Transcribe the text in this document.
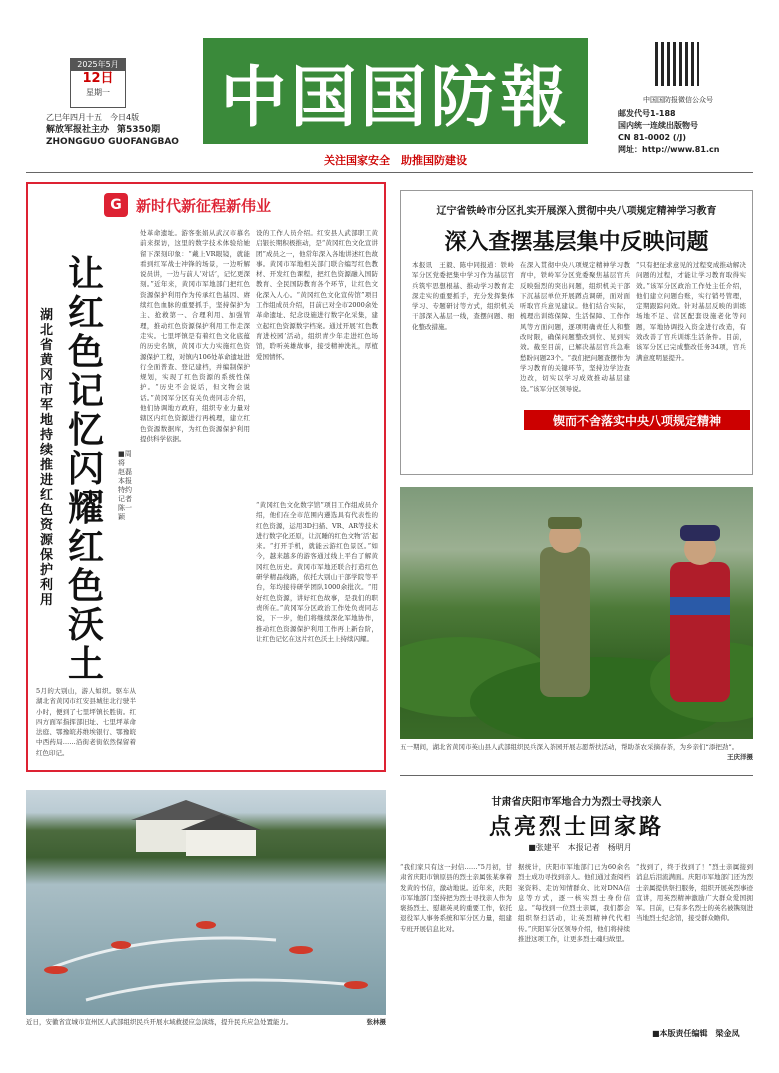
2025年5月
12日
星期一
乙巳年四月十五　 今日4版
解放军报社主办　 第5350期
ZHONGGUO GUOFANGBAO
中国国防報
关注国家安全　助推国防建设
中国国防报微信公众号
邮发代号1-188
国内统一连续出版物号
CN 81-0002 (/J)
网址：http://www.81.cn
G 新时代新征程新伟业
让红色记忆闪耀红色沃土
湖北省黄冈市军地持续推进红色资源保护利用
■周　将　赵磊　本报特约记者　陈一颖
5月的大别山，游人如织。驱车从湖北省黄冈市红安县城往北行驶半小时，便到了七里坪镇长胜街。红四方面军指挥部旧址、七里坪革命法庭、鄂豫皖苏维埃银行、鄂豫皖中西药局……沿街老街依然保留着红色印记。
处革命遗址。游客张娟从武汉市慕名前来探访，这里的数字技术体验给她留下深刻印象：“戴上VR眼镜，就能看到红军战士冲锋的场景，一边听解说员讲，一边与前人‘对话’，记忆更深刻。”近年来，黄冈市军地部门把红色资源保护利用作为传承红色基因、赓续红色血脉的重要抓手，坚持保护为主、抢救第一、合理利用、加强管理，推动红色资源保护利用工作走深走实。七里坪镇是有着红色文化底蕴的历史名镇，黄冈市大力实施红色资源保护工程，对镇内106处革命遗址进行全面普查、登记建档，并编制保护规划，实现了红色资源的系统性保护。“历史不会说话，但文物会说话。”黄冈军分区有关负责同志介绍，他们协调地方政府，组织专业力量对辖区内红色资源进行再梳理，建立红色资源数据库，为红色资源保护利用提供科学依据。
设的工作人员介绍。红安县人武部职工黄启银长期积极推动，是“黄冈红色文化宣讲团”成员之一，他常年深入各地讲述红色故事。黄冈市军地相关部门联合编写红色教材、开发红色课程，把红色资源融入国防教育、全民国防教育各个环节，让红色文化深入人心。“黄冈红色文化宣传馆”项目工作组成员介绍，目前已对全市2000余处革命遗址、纪念设施进行数字化采集，建立起红色资源数字档案。通过开展‘红色教育进校园’活动，组织青少年走进红色场馆，聆听英雄故事，接受精神洗礼，厚植爱国情怀。
“黄冈红色文化数字馆”项目工作组成员介绍，他们在全市范围内遴选具有代表性的红色资源，运用3D扫描、VR、AR等技术进行数字化还原，让沉睡的红色文物‘活’起来。“打开手机，就能云游红色景区。”如今，越来越多的游客通过线上平台了解黄冈红色历史。黄冈市军地还联合打造红色研学精品线路，依托大别山干部学院等平台，年均接待研学团队1000余批次。“用好红色资源，讲好红色故事，是我们的职责所在。”黄冈军分区政治工作处负责同志说，下一步，他们将继续深化军地协作，推动红色资源保护利用工作再上新台阶，让红色记忆在这片红色沃土上持续闪耀。
辽宁省铁岭市分区扎实开展深入贯彻中央八项规定精神学习教育
深入查摆基层集中反映问题
本报讯　王毅、陈中同报道：铁岭军分区党委把集中学习作为基层官兵筑牢思想根基、推动学习教育走深走实的重要抓手，充分发挥集体学习、专题研讨等方式，组织机关干部深入基层一线，查摆问题、细化整改措施。
在深入贯彻中央八项规定精神学习教育中，铁岭军分区党委聚焦基层官兵反映强烈的突出问题，组织机关干部下沉基层单位开展蹲点调研，面对面听取官兵意见建议。他们结合实际，梳理出训练保障、生活保障、工作作风等方面问题，逐项明确责任人和整改时限，确保问题整改到位、见到实效。截至目前，已解决基层官兵急难愁盼问题23个。“我们把问题查摆作为学习教育的关键环节，坚持边学边查边改，切实以学习成效推动基层建设。”该军分区领导说。
“只有把征求意见的过程变成推动解决问题的过程，才能让学习教育取得实效。”该军分区政治工作处主任介绍，他们建立问题台账，实行销号管理，定期跟踪问效。针对基层反映的训练场地不足、营区配套设施老化等问题，军地协调投入资金进行改造，有效改善了官兵训练生活条件。目前，该军分区已完成整改任务34项，官兵满意度明显提升。
锲而不舍落实中央八项规定精神
五一期间，湖北省黄冈市英山县人武部组织民兵深入茶园开展志愿帮扶活动，帮助茶农采摘春茶，为乡亲们“添把劲”。
王庆洋摄
近日，安徽省宣城市宣州区人武部组织民兵开展水域救援应急演练，提升民兵应急处置能力。	张林摄
甘肃省庆阳市军地合力为烈士寻找亲人
点亮烈士回家路
■张建平　本报记者　杨明月
“我们家只有这一封信……”5月初，甘肃省庆阳市镇原县的烈士亲属张某拿着发黄的书信，激动地说。近年来，庆阳市军地部门坚持把为烈士寻找亲人作为褒扬烈士、慰藉英灵的重要工作，依托退役军人事务系统和军分区力量，组建专班开展信息比对。
据统计，庆阳市军地部门已为60余名烈士成功寻找到亲人。他们通过查阅档案资料、走访知情群众、比对DNA信息等方式，逐一核实烈士身份信息。“每找到一位烈士亲属，我们都会组织祭扫活动，让英烈精神代代相传。”庆阳军分区领导介绍，他们将持续推进这项工作，让更多烈士魂归故里。
“找到了，终于找到了！”烈士亲属接到消息后泪流满面。庆阳市军地部门还为烈士亲属提供祭扫服务，组织开展英烈事迹宣讲，用英烈精神激励广大群众爱国拥军。目前，已有多名烈士的英名被镌刻进当地烈士纪念馆，接受群众瞻仰。
■本版责任编辑　梁金凤
